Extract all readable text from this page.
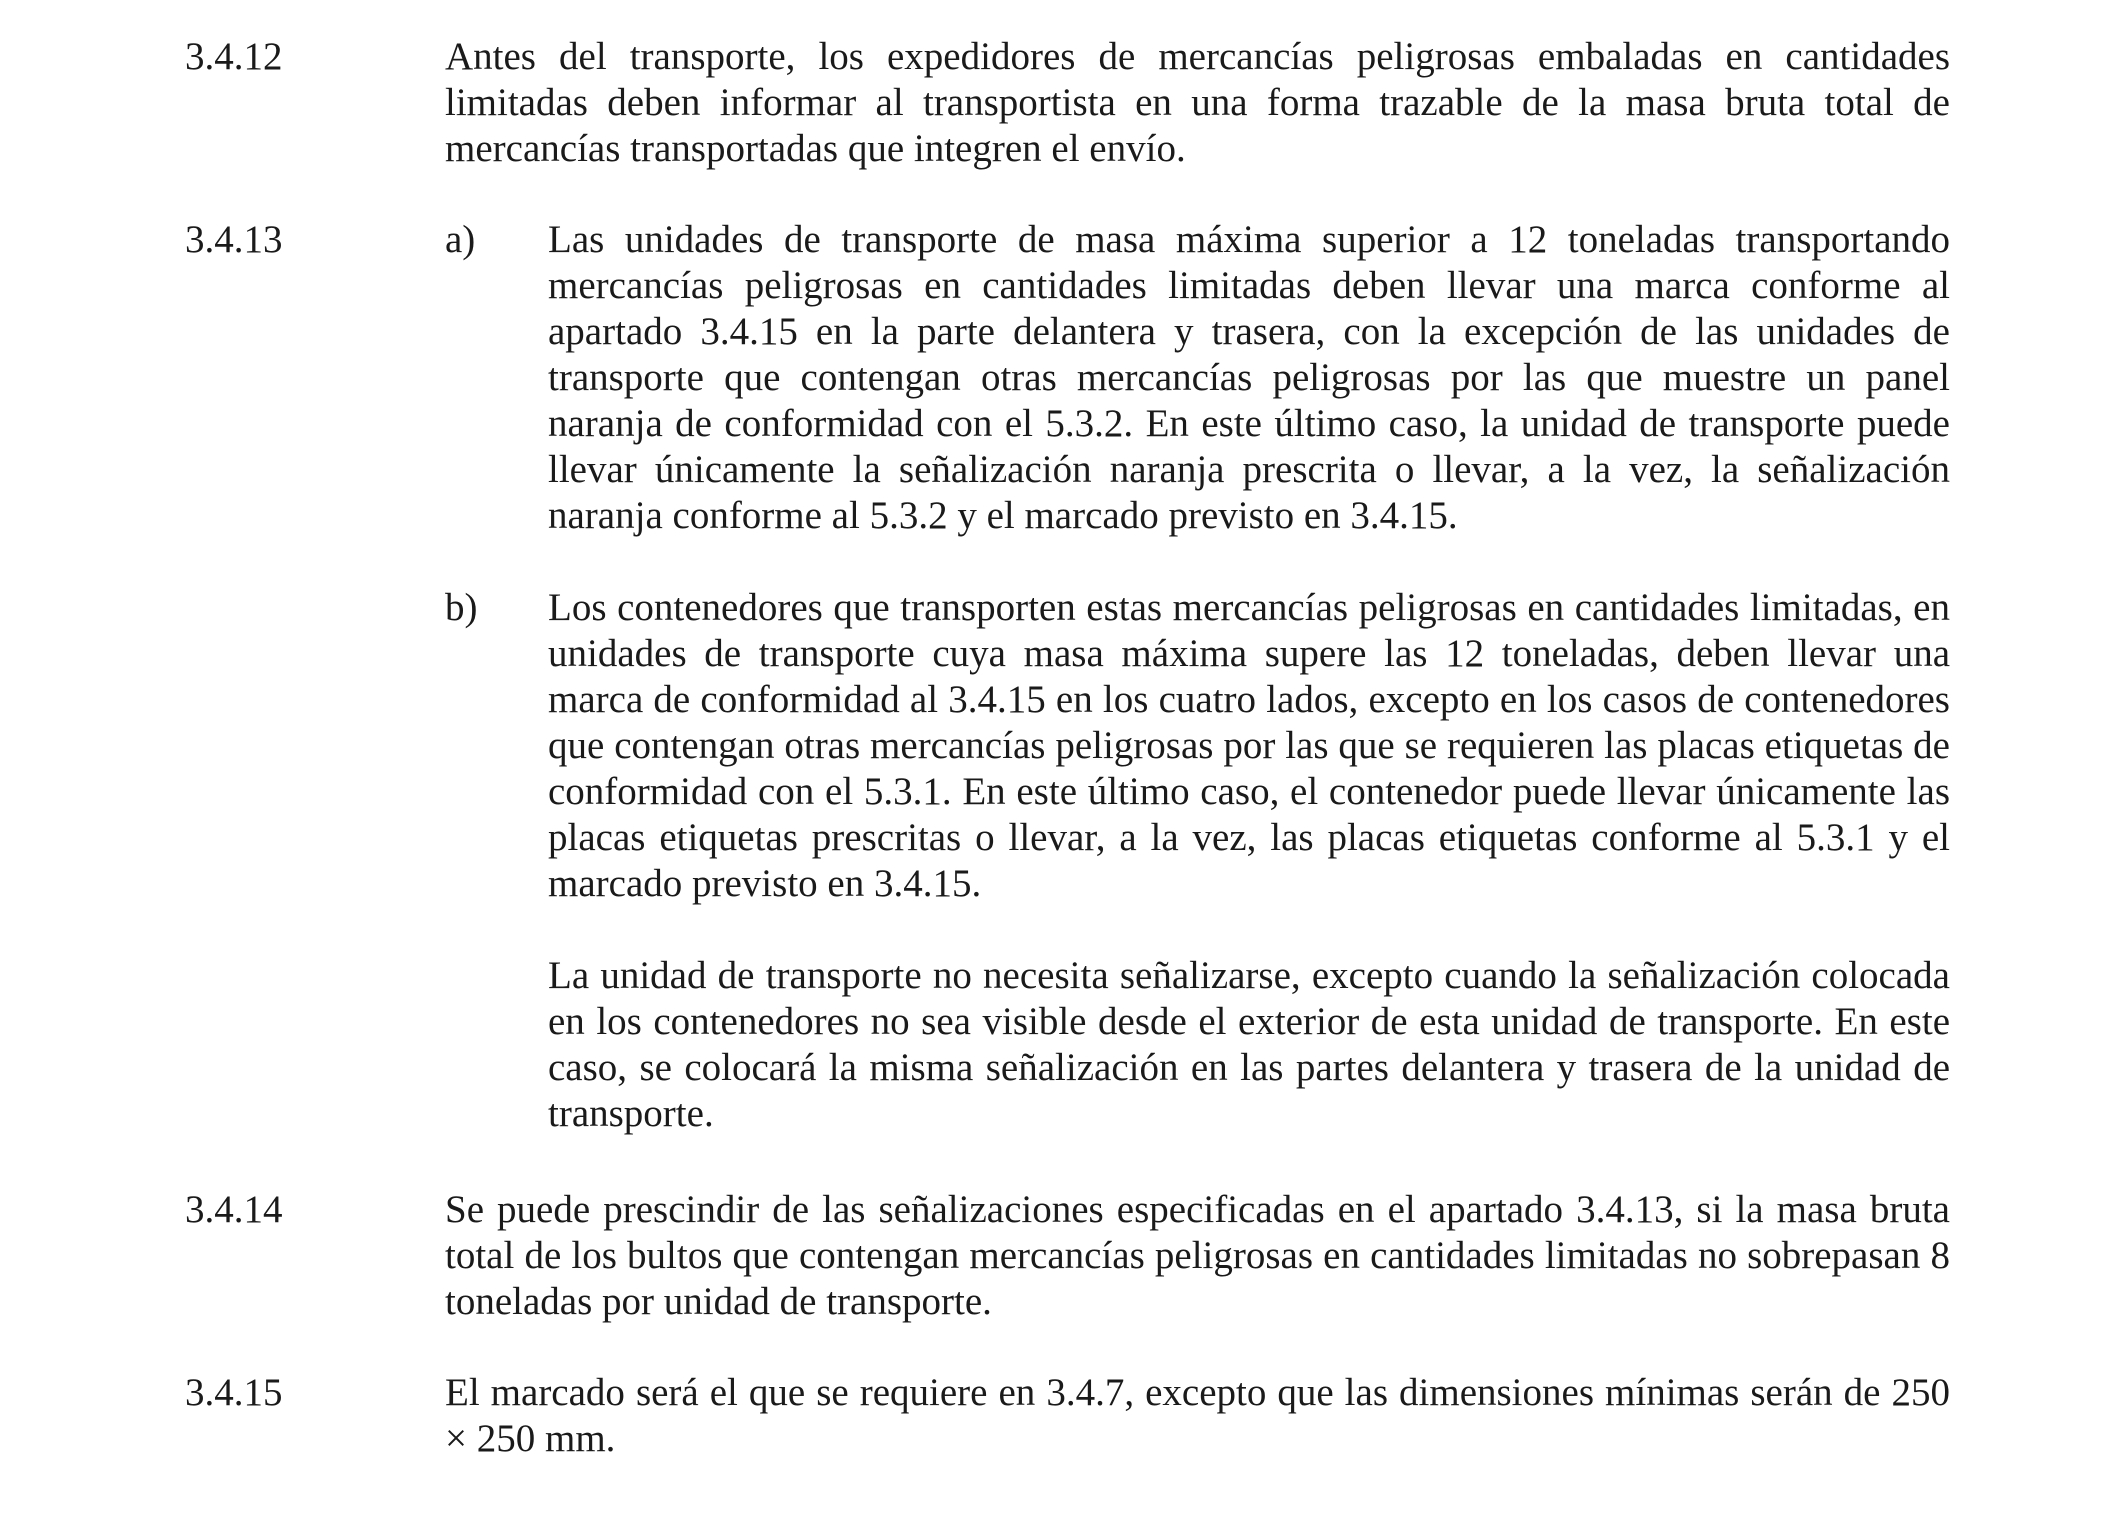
3.4.12	Antes del transporte, los expedidores de mercancías peligrosas embaladas en cantidades limitadas deben informar al transportista en una forma trazable de la masa bruta total de mercancías transportadas que integren el envío.

3.4.13	a)	Las unidades de transporte de masa máxima superior a 12 toneladas transportando mercancías peligrosas en cantidades limitadas deben llevar una marca conforme al apartado 3.4.15 en la parte delantera y trasera, con la excepción de las unidades de transporte que contengan otras mercancías peligrosas por las que muestre un panel naranja de conformidad con el 5.3.2. En este último caso, la unidad de transporte puede llevar únicamente la señalización naranja prescrita o llevar, a la vez, la señalización naranja conforme al 5.3.2 y el marcado previsto en 3.4.15.

b)	Los contenedores que transporten estas mercancías peligrosas en cantidades limitadas, en unidades de transporte cuya masa máxima supere las 12 toneladas, deben llevar una marca de conformidad al 3.4.15 en los cuatro lados, excepto en los casos de contenedores que contengan otras mercancías peligrosas por las que se requieren las placas etiquetas de conformidad con el 5.3.1. En este último caso, el contenedor puede llevar únicamente las placas etiquetas prescritas o llevar, a la vez, las placas etiquetas conforme al 5.3.1 y el marcado previsto en 3.4.15.

La unidad de transporte no necesita señalizarse, excepto cuando la señalización colocada en los contenedores no sea visible desde el exterior de esta unidad de transporte. En este caso, se colocará la misma señalización en las partes delantera y trasera de la unidad de transporte.

3.4.14	Se puede prescindir de las señalizaciones especificadas en el apartado 3.4.13, si la masa bruta total de los bultos que contengan mercancías peligrosas en cantidades limitadas no sobrepasan 8 toneladas por unidad de transporte.

3.4.15	El marcado será el que se requiere en 3.4.7, excepto que las dimensiones mínimas serán de 250 × 250 mm.
